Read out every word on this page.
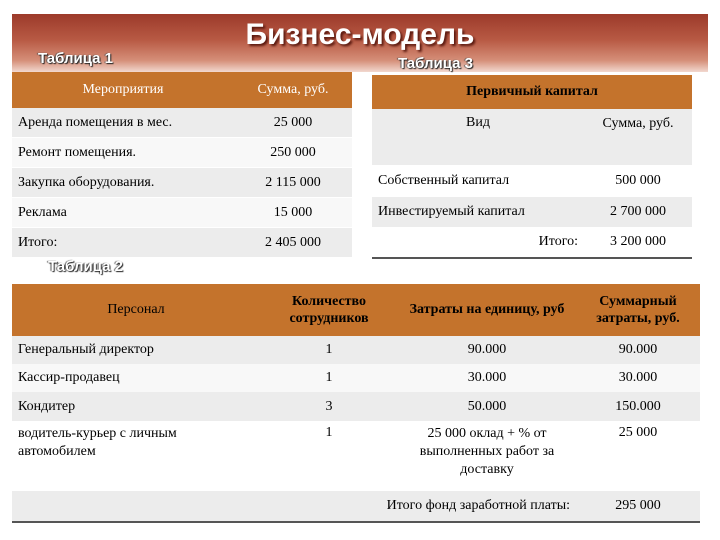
Бизнес-модель
Таблица 1	Таблица 3
Таблица 2
Мероприятия	Сумма, руб.
Аренда помещения в мес.	25 000
Ремонт помещения.	250 000
Закупка оборудования.	2 115 000
Реклама	15 000
Итого:	2 405 000
Первичный капитал	
Вид	Сумма, руб.
Собственный капитал	500 000
Инвестируемый капитал	2 700 000
Итого:	3 200 000
Персонал	Количество сотрудников	Затраты на единицу, руб	Суммарный затраты, руб.
Генеральный директор	1	90.000	90.000
Кассир-продавец	1	30.000	30.000
Кондитер	3	50.000	150.000
водитель-курьер с личным автомобилем	1	25 000 оклад + % от выполненных работ за доставку	25 000
Итого фонд заработной платы:			295 000
